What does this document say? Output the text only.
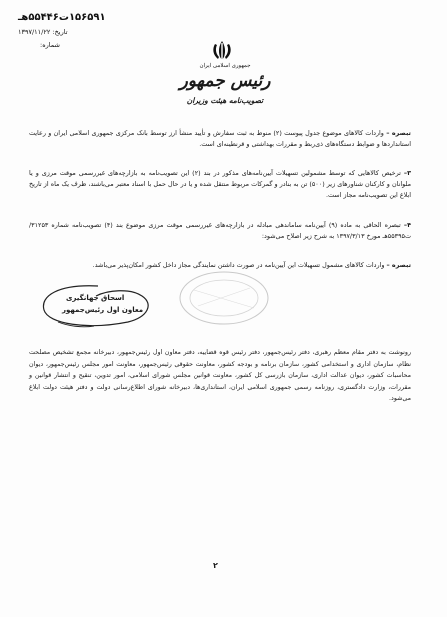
۱۵۶۵۹۱ت۵۵۴۴۶هـ
تاریخ: ۱۳۹۷/۱۱/۲۲
شماره:
جمهوری اسلامی ایران
رئیس جمهور
تصویب‌نامه هیئت وزیران
تبصره – واردات کالاهای موضوع جدول پیوست (۲) منوط به ثبت سفارش و تأیید منشأ ارز توسط بانک مرکزی جمهوری اسلامی ایران و رعایت استانداردها و ضوابط دستگاه‌های ذی‌ربط و مقررات بهداشتی و قرنطینه‌ای است.
۳– ترخیص کالاهایی که توسط مشمولین تسهیلات آیین‌نامه‌های مذکور در بند (۲) این تصویب‌نامه به بازارچه‌های غیررسمی موقت مرزی و یا ملوانان و کارکنان شناورهای زیر (۵۰۰) تن به بنادر و گمرکات مربوط منتقل شده و یا در حال حمل با اسناد معتبر می‌باشند، ظرف یک ماه از تاریخ ابلاغ این تصویب‌نامه مجاز است.
۴– تبصره الحاقی به ماده (۹) آیین‌نامه ساماندهی مبادله در بازارچه‌های غیررسمی موقت مرزی موضوع بند (۴) تصویب‌نامه شماره ۳۱۲۵۳/ت۵۵۳۹۵هـ مورخ ۱۳۹۷/۳/۱۳ به شرح زیر اصلاح می‌شود:
تبصره – واردات کالاهای مشمول تسهیلات این آیین‌نامه در صورت داشتن نمایندگی مجاز داخل کشور امکان‌پذیر می‌باشد.
اسحاق جهانگیری
معاون اول رئیس‌جمهور
رونوشت به دفتر مقام معظم رهبری، دفتر رئیس‌جمهور، دفتر رئیس قوه قضاییه، دفتر معاون اول رئیس‌جمهور، دبیرخانه مجمع تشخیص مصلحت نظام، سازمان اداری و استخدامی کشور، سازمان برنامه و بودجه کشور، معاونت حقوقی رئیس‌جمهور، معاونت امور مجلس رئیس‌جمهور، دیوان محاسبات کشور، دیوان عدالت اداری، سازمان بازرسی کل کشور، معاونت قوانین مجلس شورای اسلامی، امور تدوین، تنقیح و انتشار قوانین و مقررات، وزارت دادگستری، روزنامه رسمی جمهوری اسلامی ایران، استانداری‌ها، دبیرخانه شورای اطلاع‌رسانی دولت و دفتر هیئت دولت ابلاغ می‌شود.
۲
